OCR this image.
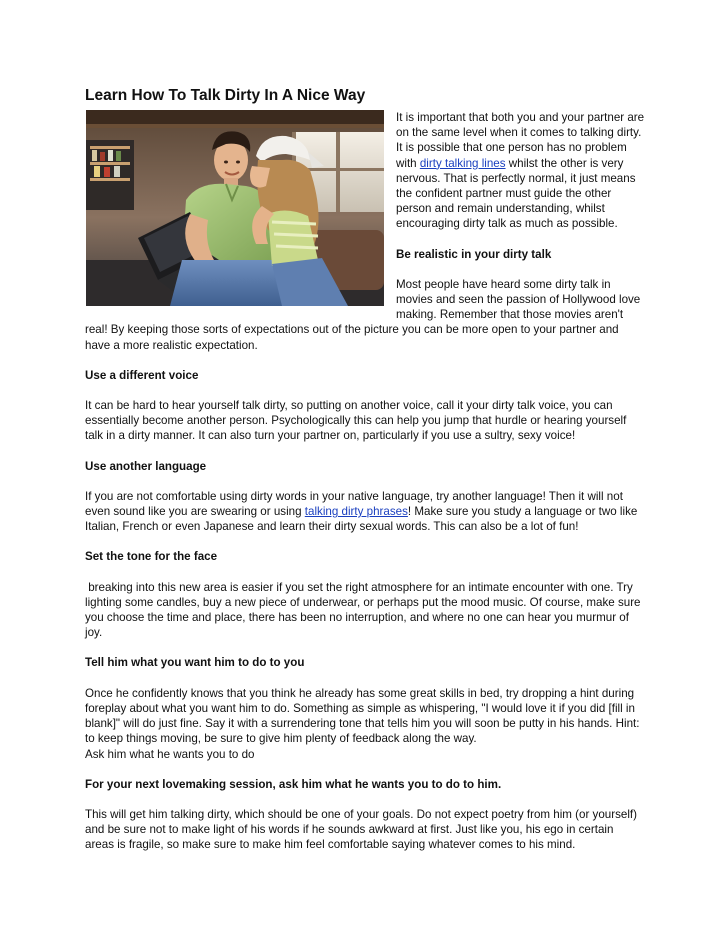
Learn How To Talk Dirty In A Nice Way

It is important that both you and your partner are on the same level when it comes to talking dirty. It is possible that one person has no problem with dirty talking lines whilst the other is very nervous. That is perfectly normal, it just means the confident partner must guide the other person and remain understanding, whilst encouraging dirty talk as much as possible.

Be realistic in your dirty talk

Most people have heard some dirty talk in movies and seen the passion of Hollywood love making. Remember that those movies aren't real! By keeping those sorts of expectations out of the picture you can be more open to your partner and have a more realistic expectation.

Use a different voice

It can be hard to hear yourself talk dirty, so putting on another voice, call it your dirty talk voice, you can essentially become another person. Psychologically this can help you jump that hurdle or hearing yourself talk in a dirty manner. It can also turn your partner on, particularly if you use a sultry, sexy voice!

Use another language

If you are not comfortable using dirty words in your native language, try another language! Then it will not even sound like you are swearing or using talking dirty phrases! Make sure you study a language or two like Italian, French or even Japanese and learn their dirty sexual words. This can also be a lot of fun!

Set the tone for the face

breaking into this new area is easier if you set the right atmosphere for an intimate encounter with one. Try lighting some candles, buy a new piece of underwear, or perhaps put the mood music. Of course, make sure you choose the time and place, there has been no interruption, and where no one can hear you murmur of joy.

Tell him what you want him to do to you

Once he confidently knows that you think he already has some great skills in bed, try dropping a hint during foreplay about what you want him to do. Something as simple as whispering, "I would love it if you did [fill in blank]" will do just fine. Say it with a surrendering tone that tells him you will soon be putty in his hands. Hint: to keep things moving, be sure to give him plenty of feedback along the way.
Ask him what he wants you to do

For your next lovemaking session, ask him what he wants you to do to him.

This will get him talking dirty, which should be one of your goals. Do not expect poetry from him (or yourself) and be sure not to make light of his words if he sounds awkward at first. Just like you, his ego in certain areas is fragile, so make sure to make him feel comfortable saying whatever comes to his mind.
